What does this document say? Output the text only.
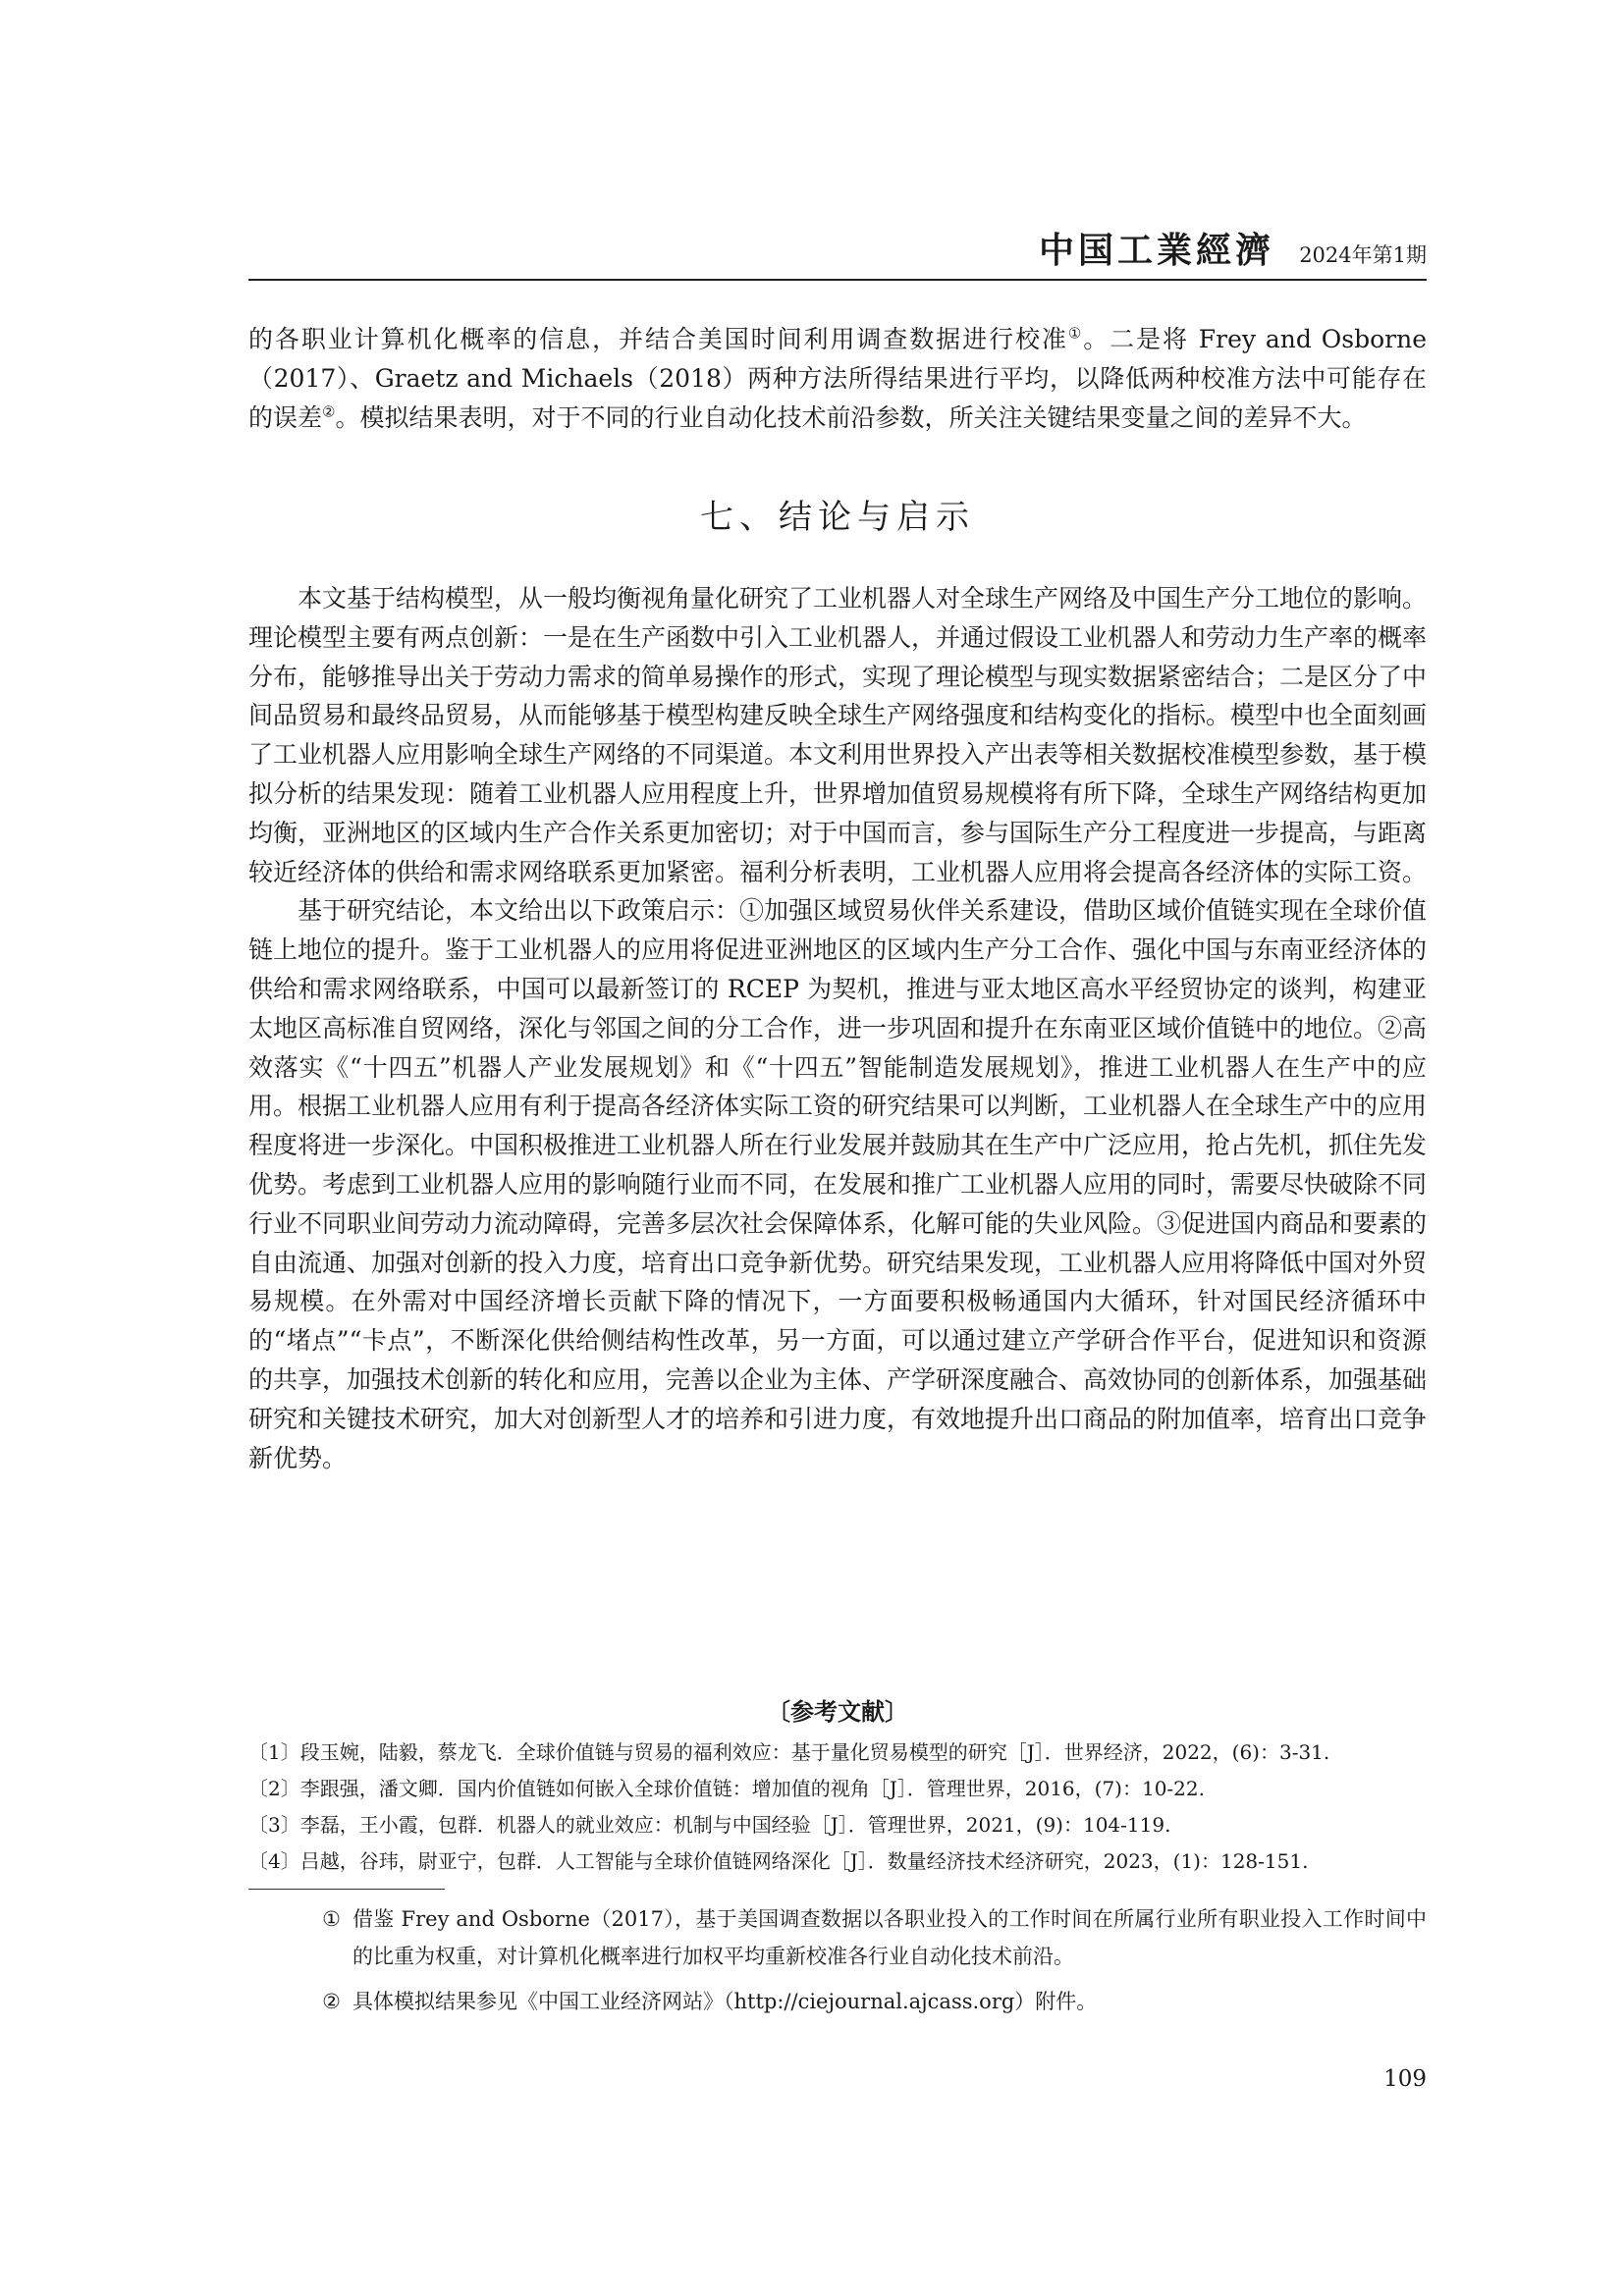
中国工業經濟 2024年第1期

的各职业计算机化概率的信息，并结合美国时间利用调查数据进行校准①。二是将 Frey and Osborne（2017）、Graetz and Michaels（2018）两种方法所得结果进行平均，以降低两种校准方法中可能存在的误差②。模拟结果表明，对于不同的行业自动化技术前沿参数，所关注关键结果变量之间的差异不大。

七、结论与启示

本文基于结构模型，从一般均衡视角量化研究了工业机器人对全球生产网络及中国生产分工地位的影响。理论模型主要有两点创新：一是在生产函数中引入工业机器人，并通过假设工业机器人和劳动力生产率的概率分布，能够推导出关于劳动力需求的简单易操作的形式，实现了理论模型与现实数据紧密结合；二是区分了中间品贸易和最终品贸易，从而能够基于模型构建反映全球生产网络强度和结构变化的指标。模型中也全面刻画了工业机器人应用影响全球生产网络的不同渠道。本文利用世界投入产出表等相关数据校准模型参数，基于模拟分析的结果发现：随着工业机器人应用程度上升，世界增加值贸易规模将有所下降，全球生产网络结构更加均衡，亚洲地区的区域内生产合作关系更加密切；对于中国而言，参与国际生产分工程度进一步提高，与距离较近经济体的供给和需求网络联系更加紧密。福利分析表明，工业机器人应用将会提高各经济体的实际工资。

基于研究结论，本文给出以下政策启示：①加强区域贸易伙伴关系建设，借助区域价值链实现在全球价值链上地位的提升。鉴于工业机器人的应用将促进亚洲地区的区域内生产分工合作、强化中国与东南亚经济体的供给和需求网络联系，中国可以最新签订的 RCEP 为契机，推进与亚太地区高水平经贸协定的谈判，构建亚太地区高标准自贸网络，深化与邻国之间的分工合作，进一步巩固和提升在东南亚区域价值链中的地位。②高效落实《“十四五”机器人产业发展规划》和《“十四五”智能制造发展规划》，推进工业机器人在生产中的应用。根据工业机器人应用有利于提高各经济体实际工资的研究结果可以判断，工业机器人在全球生产中的应用程度将进一步深化。中国积极推进工业机器人所在行业发展并鼓励其在生产中广泛应用，抢占先机，抓住先发优势。考虑到工业机器人应用的影响随行业而不同，在发展和推广工业机器人应用的同时，需要尽快破除不同行业不同职业间劳动力流动障碍，完善多层次社会保障体系，化解可能的失业风险。③促进国内商品和要素的自由流通、加强对创新的投入力度，培育出口竞争新优势。研究结果发现，工业机器人应用将降低中国对外贸易规模。在外需对中国经济增长贡献下降的情况下，一方面要积极畅通国内大循环，针对国民经济循环中的“堵点”“卡点”，不断深化供给侧结构性改革，另一方面，可以通过建立产学研合作平台，促进知识和资源的共享，加强技术创新的转化和应用，完善以企业为主体、产学研深度融合、高效协同的创新体系，加强基础研究和关键技术研究，加大对创新型人才的培养和引进力度，有效地提升出口商品的附加值率，培育出口竞争新优势。

〔参考文献〕

〔1〕段玉婉，陆毅，蔡龙飞．全球价值链与贸易的福利效应：基于量化贸易模型的研究［J］．世界经济，2022，(6)：3-31.

〔2〕李跟强，潘文卿．国内价值链如何嵌入全球价值链：增加值的视角［J］．管理世界，2016，(7)：10-22.

〔3〕李磊，王小霞，包群．机器人的就业效应：机制与中国经验［J］．管理世界，2021，(9)：104-119.

〔4〕吕越，谷玮，尉亚宁，包群．人工智能与全球价值链网络深化［J］．数量经济技术经济研究，2023，(1)：128-151.

① 借鉴 Frey and Osborne（2017），基于美国调查数据以各职业投入的工作时间在所属行业所有职业投入工作时间中的比重为权重，对计算机化概率进行加权平均重新校准各行业自动化技术前沿。
② 具体模拟结果参见《中国工业经济网站》（http://ciejournal.ajcass.org）附件。
109
